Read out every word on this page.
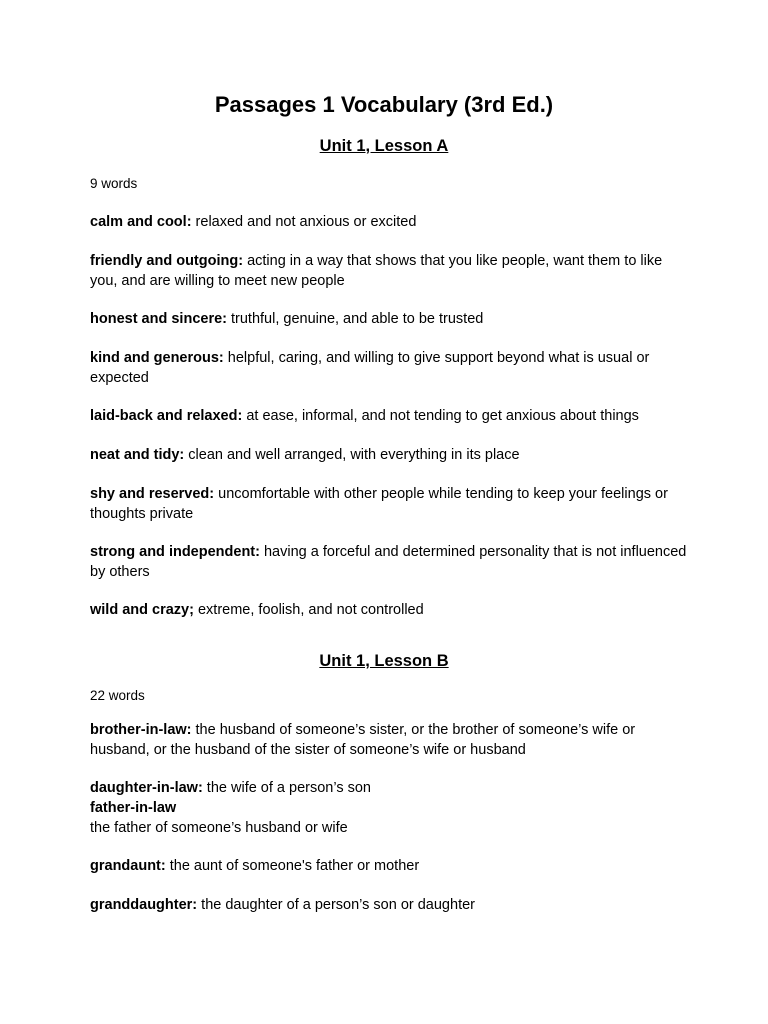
Passages 1 Vocabulary (3rd Ed.)
Unit 1, Lesson A

9 words

calm and cool: relaxed and not anxious or excited

friendly and outgoing: acting in a way that shows that you like people, want them to like you, and are willing to meet new people

honest and sincere: truthful, genuine, and able to be trusted

kind and generous: helpful, caring, and willing to give support beyond what is usual or expected

laid-back and relaxed: at ease, informal, and not tending to get anxious about things

neat and tidy: clean and well arranged, with everything in its place

shy and reserved: uncomfortable with other people while tending to keep your feelings or thoughts private

strong and independent: having a forceful and determined personality that is not influenced by others

wild and crazy; extreme, foolish, and not controlled

Unit 1, Lesson B

22 words

brother-in-law: the husband of someone’s sister, or the brother of someone’s wife or husband, or the husband of the sister of someone’s wife or husband

daughter-in-law: the wife of a person’s son

father-in-law
the father of someone’s husband or wife

grandaunt: the aunt of someone's father or mother

granddaughter: the daughter of a person’s son or daughter
